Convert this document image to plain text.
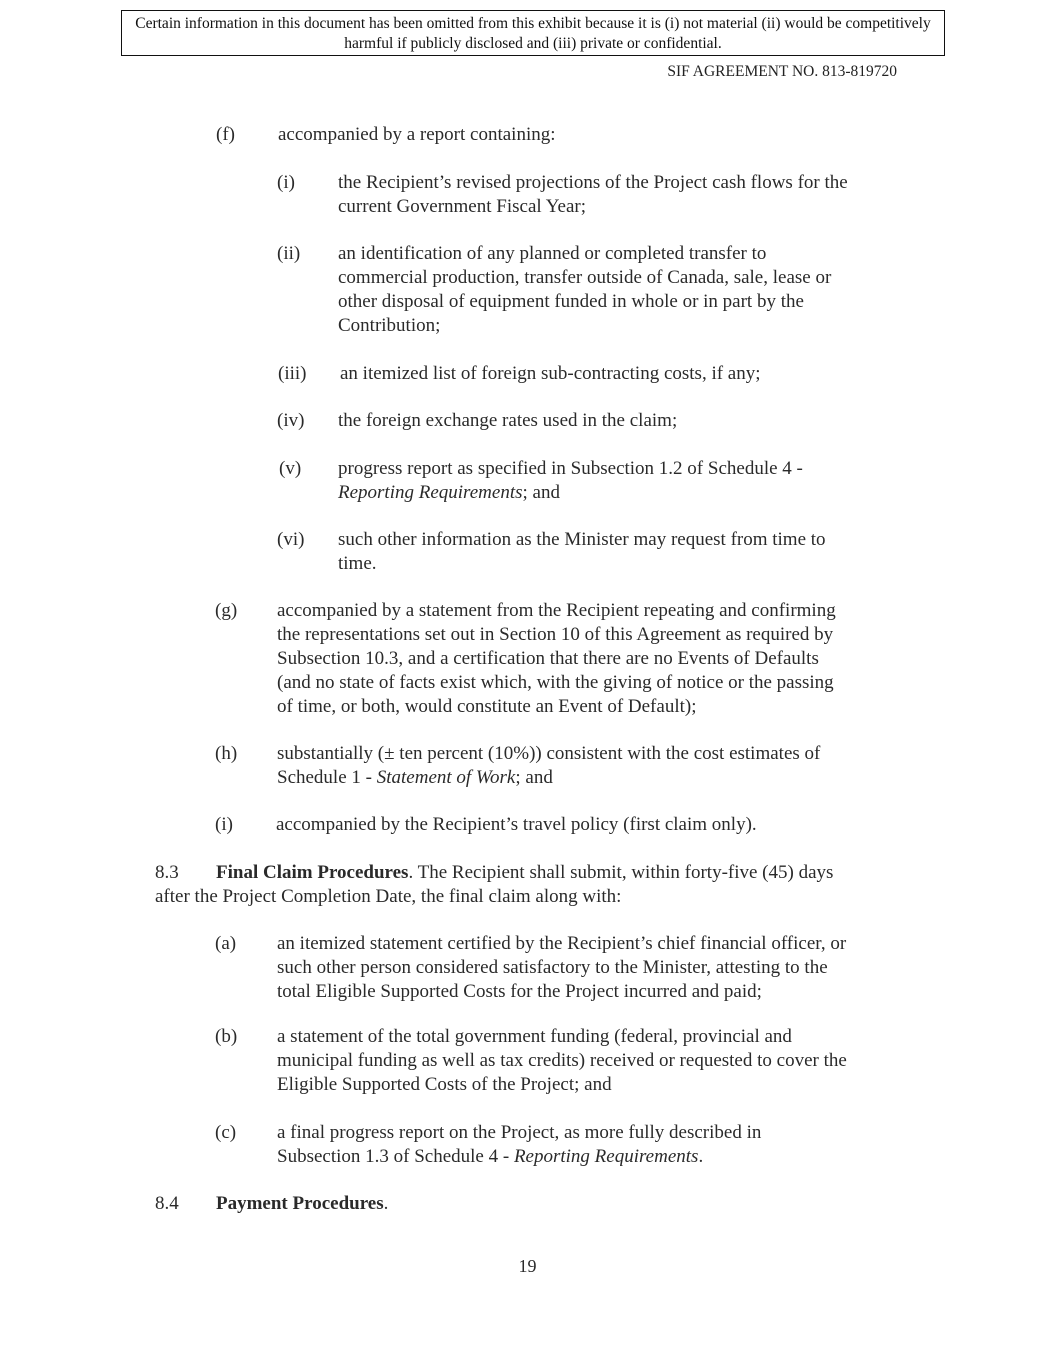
Certain information in this document has been omitted from this exhibit because it is (i) not material (ii) would be competitively harmful if publicly disclosed and (iii) private or confidential.
SIF AGREEMENT NO. 813-819720
(f) accompanied by a report containing:
(i) the Recipient’s revised projections of the Project cash flows for the
current Government Fiscal Year;
(ii) an identification of any planned or completed transfer to
commercial production, transfer outside of Canada, sale, lease or
other disposal of equipment funded in whole or in part by the
Contribution;
(iii) an itemized list of foreign sub-contracting costs, if any;
(iv) the foreign exchange rates used in the claim;
(v) progress report as specified in Subsection 1.2 of Schedule 4 -
Reporting Requirements; and
(vi) such other information as the Minister may request from time to
time.
(g) accompanied by a statement from the Recipient repeating and confirming
the representations set out in Section 10 of this Agreement as required by
Subsection 10.3, and a certification that there are no Events of Defaults
(and no state of facts exist which, with the giving of notice or the passing
of time, or both, would constitute an Event of Default);
(h) substantially (± ten percent (10%)) consistent with the cost estimates of
Schedule 1 - Statement of Work; and
(i) accompanied by the Recipient’s travel policy (first claim only).
8.3 Final Claim Procedures. The Recipient shall submit, within forty-five (45) days
after the Project Completion Date, the final claim along with:
(a) an itemized statement certified by the Recipient’s chief financial officer, or
such other person considered satisfactory to the Minister, attesting to the
total Eligible Supported Costs for the Project incurred and paid;
(b) a statement of the total government funding (federal, provincial and
municipal funding as well as tax credits) received or requested to cover the
Eligible Supported Costs of the Project; and
(c) a final progress report on the Project, as more fully described in
Subsection 1.3 of Schedule 4 - Reporting Requirements.
8.4 Payment Procedures.
19
